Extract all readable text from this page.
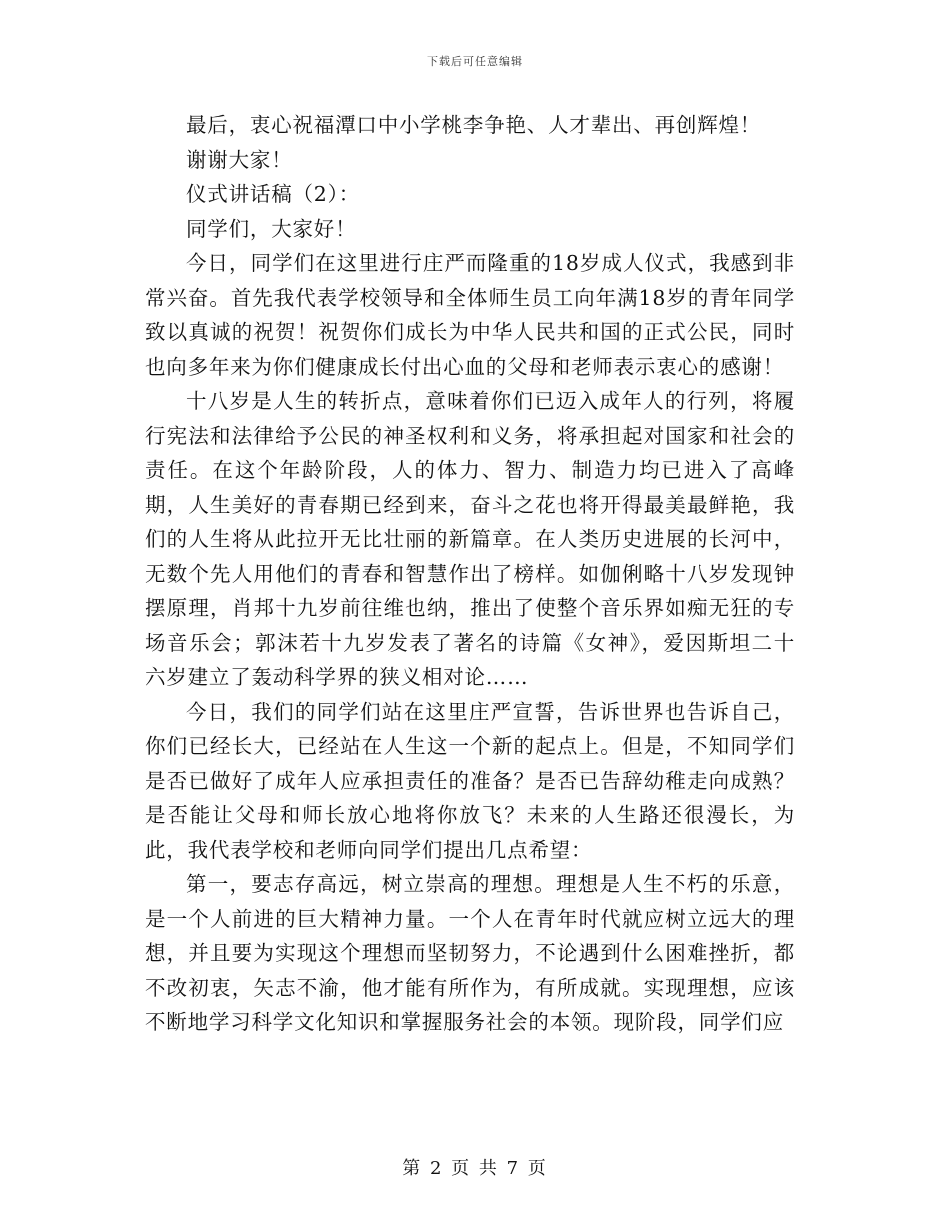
下载后可任意编辑

最后，衷心祝福潭口中小学桃李争艳、人才辈出、再创辉煌！

谢谢大家！

仪式讲话稿（2）：

同学们，大家好！

今日，同学们在这里进行庄严而隆重的18岁成人仪式，我感到非常兴奋。首先我代表学校领导和全体师生员工向年满18岁的青年同学致以真诚的祝贺！祝贺你们成长为中华人民共和国的正式公民，同时也向多年来为你们健康成长付出心血的父母和老师表示衷心的感谢！

十八岁是人生的转折点，意味着你们已迈入成年人的行列，将履行宪法和法律给予公民的神圣权利和义务，将承担起对国家和社会的责任。在这个年龄阶段，人的体力、智力、制造力均已进入了高峰期，人生美好的青春期已经到来，奋斗之花也将开得最美最鲜艳，我们的人生将从此拉开无比壮丽的新篇章。在人类历史进展的长河中，无数个先人用他们的青春和智慧作出了榜样。如伽俐略十八岁发现钟摆原理，肖邦十九岁前往维也纳，推出了使整个音乐界如痴无狂的专场音乐会；郭沫若十九岁发表了著名的诗篇《女神》，爱因斯坦二十六岁建立了轰动科学界的狭义相对论……

今日，我们的同学们站在这里庄严宣誓，告诉世界也告诉自己，你们已经长大，已经站在人生这一个新的起点上。但是，不知同学们是否已做好了成年人应承担责任的准备？是否已告辞幼稚走向成熟？是否能让父母和师长放心地将你放飞？未来的人生路还很漫长，为此，我代表学校和老师向同学们提出几点希望：

第一，要志存高远，树立崇高的理想。理想是人生不朽的乐意，是一个人前进的巨大精神力量。一个人在青年时代就应树立远大的理想，并且要为实现这个理想而坚韧努力，不论遇到什么困难挫折，都不改初衷，矢志不渝，他才能有所作为，有所成就。实现理想，应该不断地学习科学文化知识和掌握服务社会的本领。现阶段，同学们应

第 2 页 共 7 页
